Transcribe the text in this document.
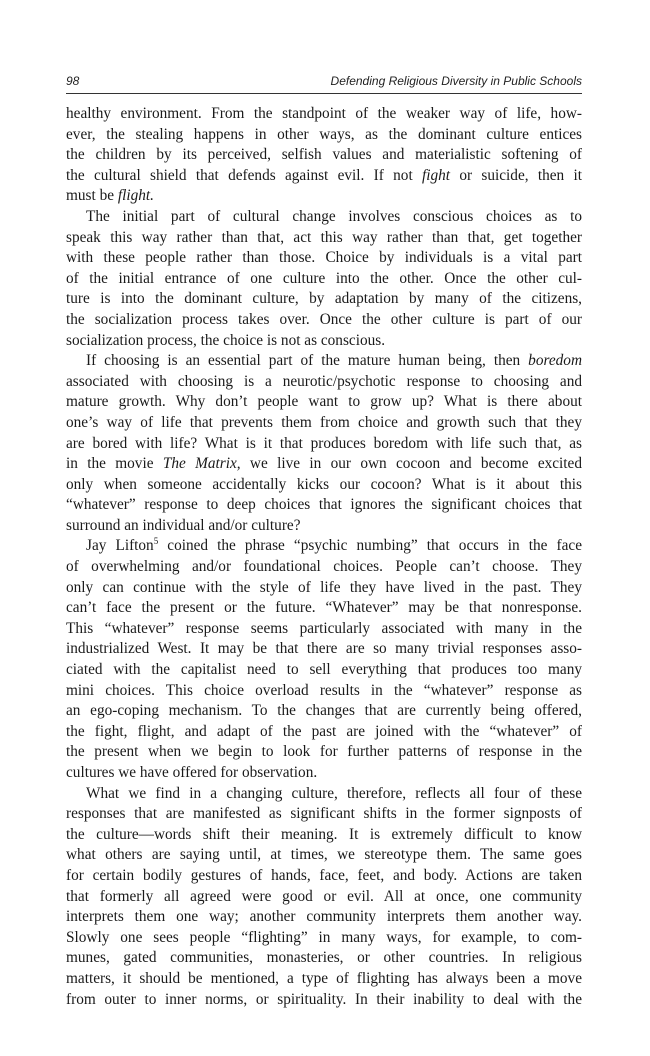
98	Defending Religious Diversity in Public Schools

healthy environment. From the standpoint of the weaker way of life, how-
ever, the stealing happens in other ways, as the dominant culture entices
the children by its perceived, selfish values and materialistic softening of
the cultural shield that defends against evil. If not fight or suicide, then it
must be flight.

The initial part of cultural change involves conscious choices as to
speak this way rather than that, act this way rather than that, get together
with these people rather than those. Choice by individuals is a vital part
of the initial entrance of one culture into the other. Once the other cul-
ture is into the dominant culture, by adaptation by many of the citizens,
the socialization process takes over. Once the other culture is part of our
socialization process, the choice is not as conscious.

If choosing is an essential part of the mature human being, then boredom
associated with choosing is a neurotic/psychotic response to choosing and
mature growth. Why don’t people want to grow up? What is there about
one’s way of life that prevents them from choice and growth such that they
are bored with life? What is it that produces boredom with life such that, as
in the movie The Matrix, we live in our own cocoon and become excited
only when someone accidentally kicks our cocoon? What is it about this
“whatever” response to deep choices that ignores the significant choices that
surround an individual and/or culture?

Jay Lifton$^5$ coined the phrase “psychic numbing” that occurs in the face
of overwhelming and/or foundational choices. People can’t choose. They
only can continue with the style of life they have lived in the past. They
can’t face the present or the future. “Whatever” may be that nonresponse.
This “whatever” response seems particularly associated with many in the
industrialized West. It may be that there are so many trivial responses asso-
ciated with the capitalist need to sell everything that produces too many
mini choices. This choice overload results in the “whatever” response as
an ego-coping mechanism. To the changes that are currently being offered,
the fight, flight, and adapt of the past are joined with the “whatever” of
the present when we begin to look for further patterns of response in the
cultures we have offered for observation.

What we find in a changing culture, therefore, reflects all four of these
responses that are manifested as significant shifts in the former signposts of
the culture—words shift their meaning. It is extremely difficult to know
what others are saying until, at times, we stereotype them. The same goes
for certain bodily gestures of hands, face, feet, and body. Actions are taken
that formerly all agreed were good or evil. All at once, one community
interprets them one way; another community interprets them another way.
Slowly one sees people “flighting” in many ways, for example, to com-
munes, gated communities, monasteries, or other countries. In religious
matters, it should be mentioned, a type of flighting has always been a move
from outer to inner norms, or spirituality. In their inability to deal with the
